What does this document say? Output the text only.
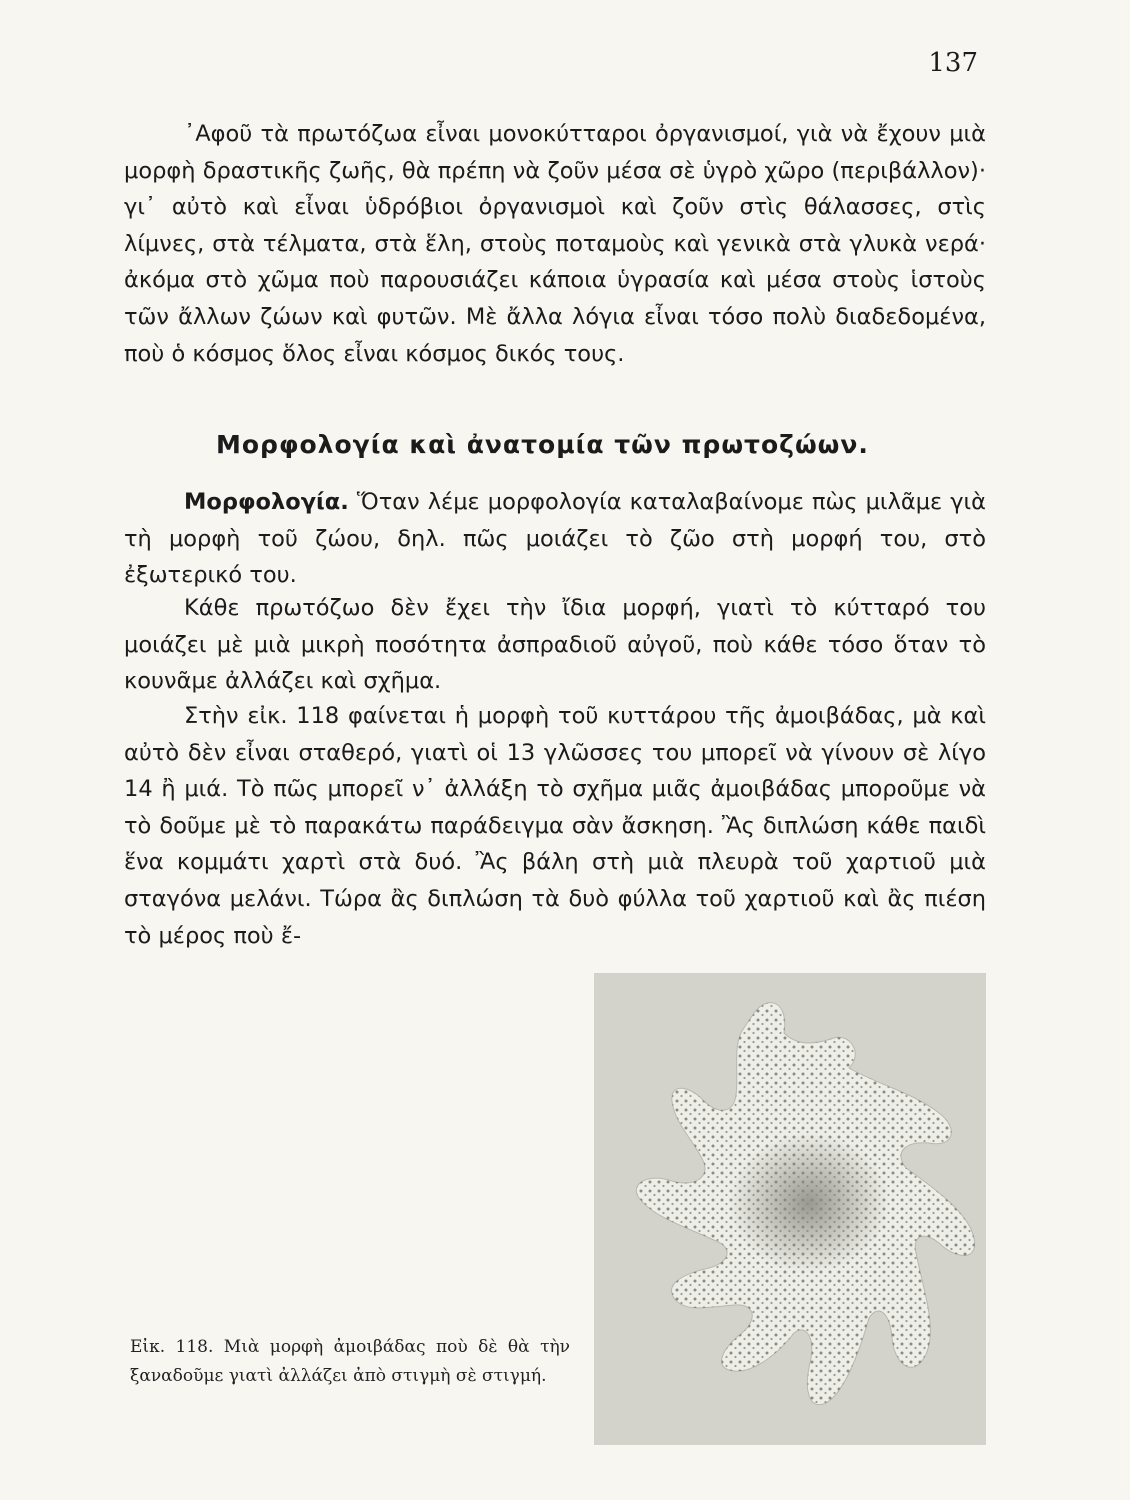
137

᾿Αφοῦ τὰ πρωτόζωα εἶναι μονοκύτταροι ὀργανισμοί, γιὰ νὰ ἔχουν μιὰ μορφὴ δραστικῆς ζωῆς, θὰ πρέπη νὰ ζοῦν μέσα σὲ ὑγρὸ χῶρο (περιβάλλον)· γι᾿ αὐτὸ καὶ εἶναι ὑδρόβιοι ὀργανισμοὶ καὶ ζοῦν στὶς θάλασσες, στὶς λίμνες, στὰ τέλματα, στὰ ἕλη, στοὺς ποταμοὺς καὶ γενικὰ στὰ γλυκὰ νερά· ἀκόμα στὸ χῶμα ποὺ παρουσιάζει κάποια ὑγρασία καὶ μέσα στοὺς ἱστοὺς τῶν ἄλλων ζώων καὶ φυτῶν. Μὲ ἄλλα λόγια εἶναι τόσο πολὺ διαδεδομένα, ποὺ ὁ κόσμος ὅλος εἶναι κόσμος δικός τους.

Μορφολογία καὶ ἀνατομία τῶν πρωτοζώων.

Μορφολογία. Ὅταν λέμε μορφολογία καταλαβαίνομε πὼς μιλᾶμε γιὰ τὴ μορφὴ τοῦ ζώου, δηλ. πῶς μοιάζει τὸ ζῶο στὴ μορφή του, στὸ ἐξωτερικό του.

Κάθε πρωτόζωο δὲν ἔχει τὴν ἴδια μορφή, γιατὶ τὸ κύτταρό του μοιάζει μὲ μιὰ μικρὴ ποσότητα ἀσπραδιοῦ αὐγοῦ, ποὺ κάθε τόσο ὅταν τὸ κουνᾶμε ἀλλάζει καὶ σχῆμα.

Στὴν εἰκ. 118 φαίνεται ἡ μορφὴ τοῦ κυττάρου τῆς ἀμοιβάδας, μὰ καὶ αὐτὸ δὲν εἶναι σταθερό, γιατὶ οἱ 13 γλῶσσες του μπορεῖ νὰ γίνουν σὲ λίγο 14 ἢ μιά. Τὸ πῶς μπορεῖ ν᾿ ἀλλάξη τὸ σχῆμα μιᾶς ἀμοιβάδας μποροῦμε νὰ τὸ δοῦμε μὲ τὸ παρακάτω παράδειγμα σὰν ἄσκηση. Ἂς διπλώση κάθε παιδὶ ἕνα κομμάτι χαρτὶ στὰ δυό. Ἂς βάλη στὴ μιὰ πλευρὰ τοῦ χαρτιοῦ μιὰ σταγόνα μελάνι. Τώρα ἂς διπλώση τὰ δυὸ φύλλα τοῦ χαρτιοῦ καὶ ἂς πιέση τὸ μέρος ποὺ ἔ-

Εἰκ. 118. Μιὰ μορφὴ ἀμοιβάδας ποὺ δὲ θὰ τὴν ξαναδοῦμε γιατὶ ἀλλάζει ἀπὸ στιγμὴ σὲ στιγμή.
